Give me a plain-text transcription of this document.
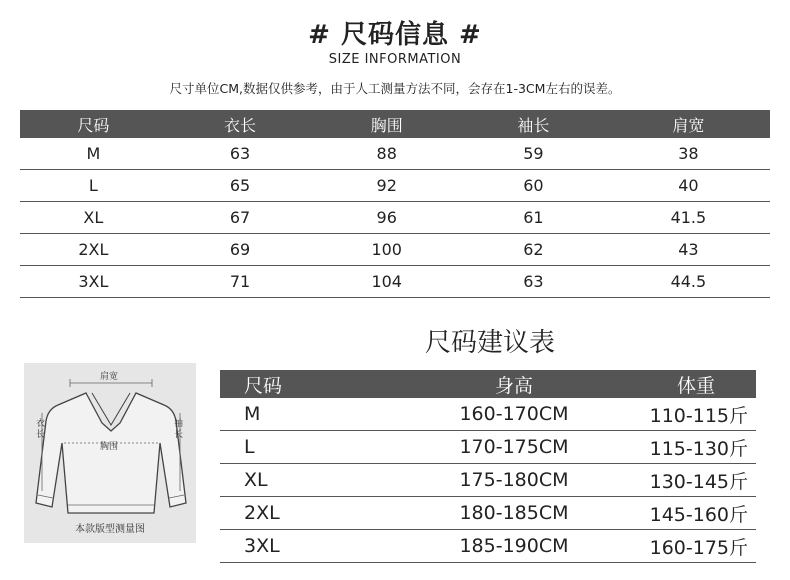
# 尺码信息 #
SIZE INFORMATION
尺寸单位CM,数据仅供参考，由于人工测量方法不同，会存在1-3CM左右的误差。
尺码	衣长	胸围	袖长	肩宽
M	63	88	59	38
L	65	92	60	40
XL	67	96	61	41.5
2XL	69	100	62	43
3XL	71	104	63	44.5
尺码建议表
肩宽
衣长
袖长
胸围
本款版型测量图
尺码	身高	体重
M	160-170CM	110-115斤
L	170-175CM	115-130斤
XL	175-180CM	130-145斤
2XL	180-185CM	145-160斤
3XL	185-190CM	160-175斤
